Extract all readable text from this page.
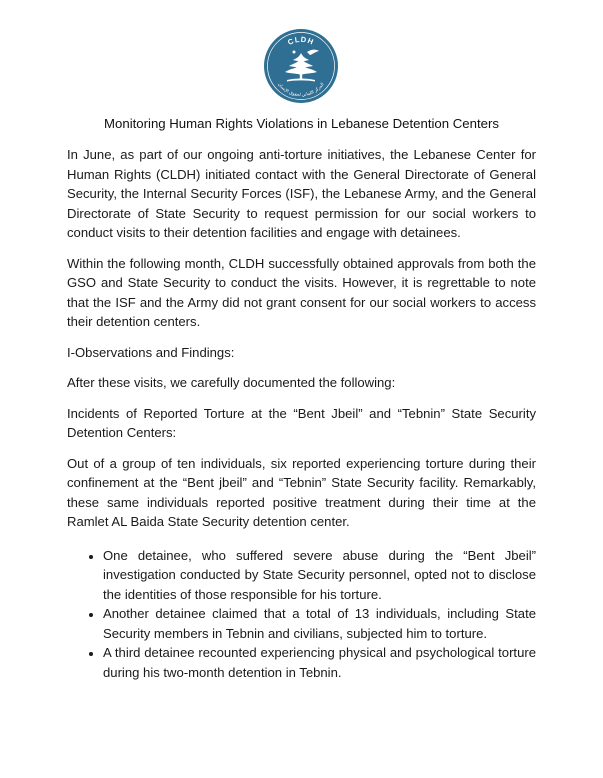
CLDH
المركز اللبناني لحقوق الإنسان
Monitoring Human Rights Violations in Lebanese Detention Centers

In June, as part of our ongoing anti-torture initiatives, the Lebanese Center for Human Rights (CLDH) initiated contact with the General Directorate of General Security, the Internal Security Forces (ISF), the Lebanese Army, and the General Directorate of State Security to request permission for our social workers to conduct visits to their detention facilities and engage with detainees.

Within the following month, CLDH successfully obtained approvals from both the GSO and State Security to conduct the visits. However, it is regrettable to note that the ISF and the Army did not grant consent for our social workers to access their detention centers.

I-Observations and Findings:

After these visits, we carefully documented the following:

Incidents of Reported Torture at the “Bent Jbeil” and “Tebnin” State Security Detention Centers:

Out of a group of ten individuals, six reported experiencing torture during their confinement at the “Bent jbeil” and “Tebnin” State Security facility. Remarkably, these same individuals reported positive treatment during their time at the Ramlet AL Baida State Security detention center.

• One detainee, who suffered severe abuse during the “Bent Jbeil” investigation conducted by State Security personnel, opted not to disclose the identities of those responsible for his torture.
• Another detainee claimed that a total of 13 individuals, including State Security members in Tebnin and civilians, subjected him to torture.
• A third detainee recounted experiencing physical and psychological torture during his two-month detention in Tebnin.
